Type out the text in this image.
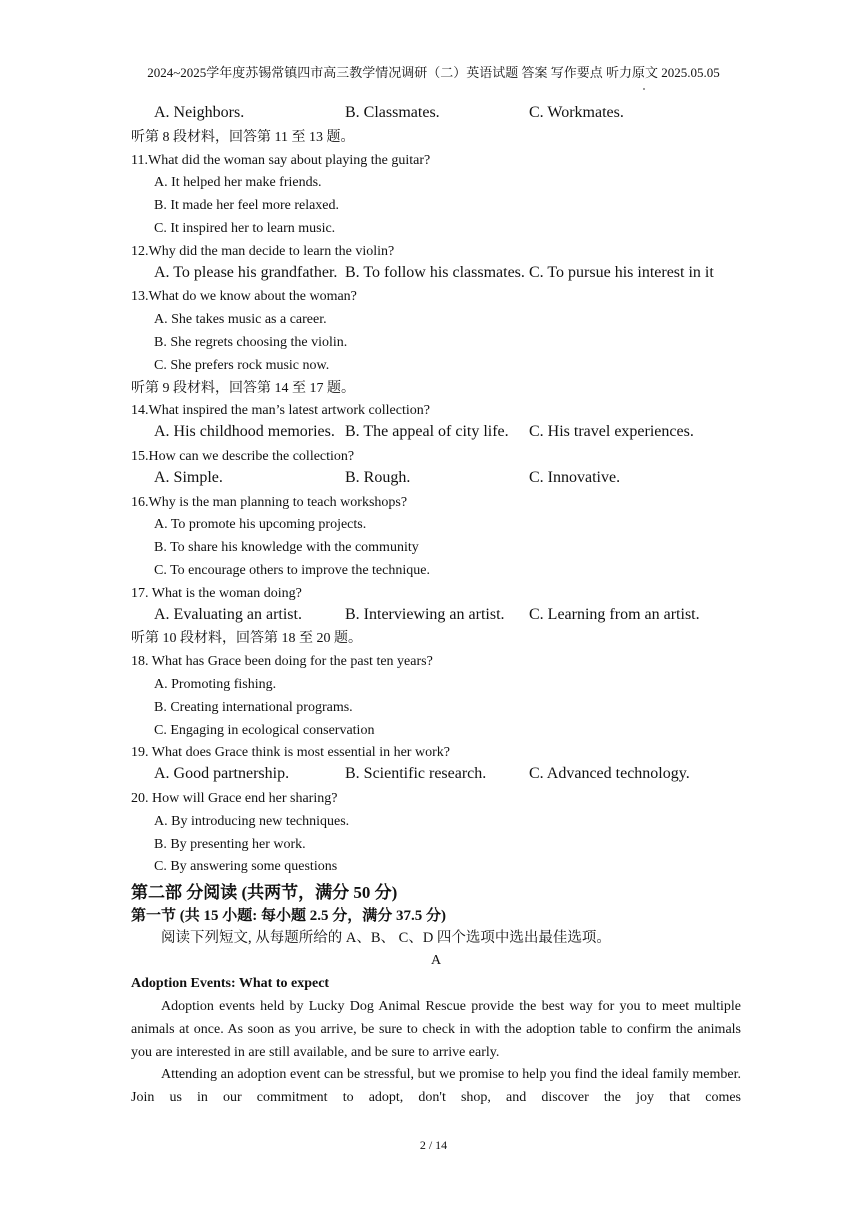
2024~2025学年度苏锡常镇四市高三教学情况调研（二）英语试题 答案 写作要点 听力原文 2025.05.05
A. Neighbors.	B. Classmates.	C. Workmates.
听第 8 段材料，回答第 11 至 13 题。
11.What did the woman say about playing the guitar?
A. It helped her make friends.
B. It made her feel more relaxed.
C. It inspired her to learn music.
12.Why did the man decide to learn the violin?
A. To please his grandfather. B. To follow his classmates. C. To pursue his interest in it
13.What do we know about the woman?
A. She takes music as a career.
B. She regrets choosing the violin.
C. She prefers rock music now.
听第 9 段材料，回答第 14 至 17 题。
14.What inspired the man’s latest artwork collection?
A. His childhood memories. B. The appeal of city life. C. His travel experiences.
15.How can we describe the collection?
A. Simple.	B. Rough.	C. Innovative.
16.Why is the man planning to teach workshops?
A. To promote his upcoming projects.
B. To share his knowledge with the community
C. To encourage others to improve the technique.
17. What is the woman doing?
A. Evaluating an artist.	B. Interviewing an artist. C. Learning from an artist.
听第 10 段材料，回答第 18 至 20 题。
18. What has Grace been doing for the past ten years?
A. Promoting fishing.
B. Creating international programs.
C. Engaging in ecological conservation
19. What does Grace think is most essential in her work?
A. Good partnership.	B. Scientific research.	C. Advanced technology.
20. How will Grace end her sharing?
A. By introducing new techniques.
B. By presenting her work.
C. By answering some questions
第二部 分阅读 (共两节，满分 50 分)
第一节 (共 15 小题: 每小题 2.5 分，满分 37.5 分)
阅读下列短文, 从每题所给的 A、B、 C、D 四个选项中选出最佳选项。
A
Adoption Events: What to expect

Adoption events held by Lucky Dog Animal Rescue provide the best way for you to meet multiple animals at once. As soon as you arrive, be sure to check in with the adoption table to confirm the animals you are interested in are still available, and be sure to arrive early.

Attending an adoption event can be stressful, but we promise to help you find the ideal family member. Join us in our commitment to adopt, don't shop, and discover the joy that comes

2 / 14
